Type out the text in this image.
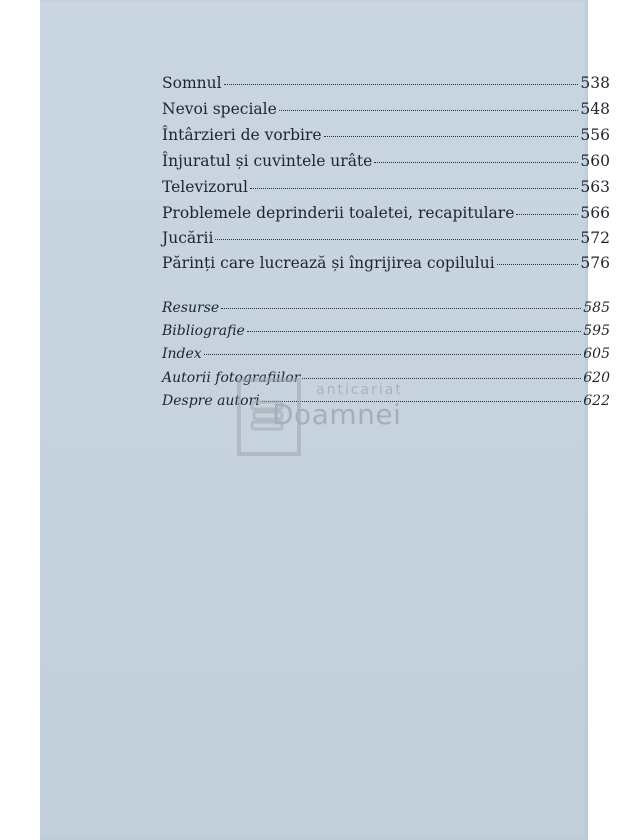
Somnul	538
Nevoi speciale	548
Întârzieri de vorbire	556
Înjuratul și cuvintele urâte	560
Televizorul	563
Problemele deprinderii toaletei, recapitulare	566
Jucării	572
Părinți care lucrează și îngrijirea copilului	576
Resurse	585
Bibliografie	595
Index	605
Autorii fotografiilor	620
Despre autori	622
anticariat
Doamnei
